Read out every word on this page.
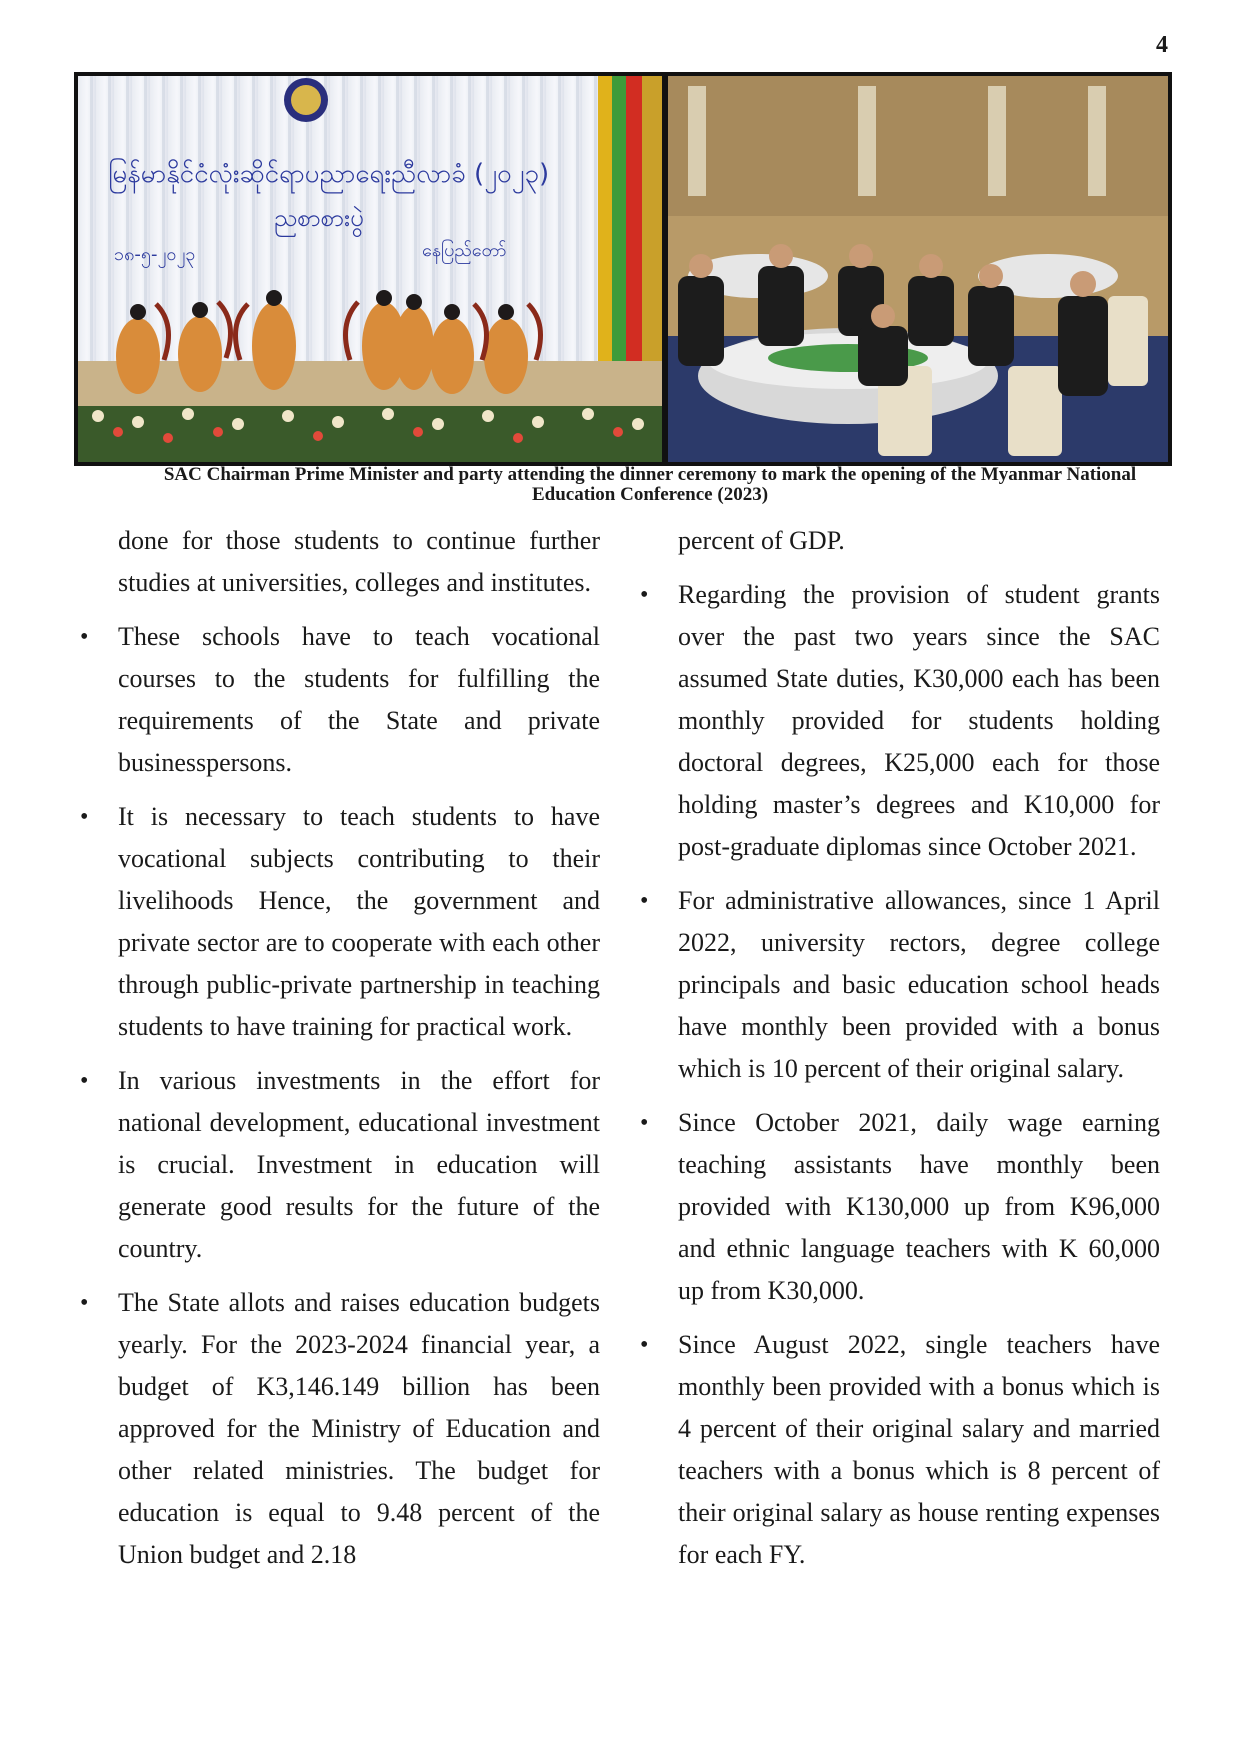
4
မြန်မာနိုင်ငံလုံးဆိုင်ရာပညာရေးညီလာခံ (၂၀၂၃)
ညစာစားပွဲ
၁၈-၅-၂၀၂၃	နေပြည်တော်
SAC Chairman Prime Minister and party attending the dinner ceremony to mark the opening of the Myanmar National Education Conference (2023)

done for those students to continue further studies at universities, colleges and institutes.

• These schools have to teach vocational courses to the students for fulfilling the requirements of the State and private businesspersons.

• It is necessary to teach students to have vocational subjects contributing to their livelihoods Hence, the government and private sector are to cooperate with each other through public-private partnership in teaching students to have training for practical work.

• In various investments in the effort for national development, educational investment is crucial. Investment in education will generate good results for the future of the country.

• The State allots and raises education budgets yearly. For the 2023-2024 financial year, a budget of K3,146.149 billion has been approved for the Ministry of Education and other related ministries. The budget for education is equal to 9.48 percent of the Union budget and 2.18

percent of GDP.

• Regarding the provision of student grants over the past two years since the SAC assumed State duties, K30,000 each has been monthly provided for students holding doctoral degrees, K25,000 each for those holding master’s degrees and K10,000 for post-graduate diplomas since October 2021.

• For administrative allowances, since 1 April 2022, university rectors, degree college principals and basic education school heads have monthly been provided with a bonus which is 10 percent of their original salary.

• Since October 2021, daily wage earning teaching assistants have monthly been provided with K130,000 up from K96,000 and ethnic language teachers with K 60,000 up from K30,000.

• Since August 2022, single teachers have monthly been provided with a bonus which is 4 percent of their original salary and married teachers with a bonus which is 8 percent of their original salary as house renting expenses for each FY.
